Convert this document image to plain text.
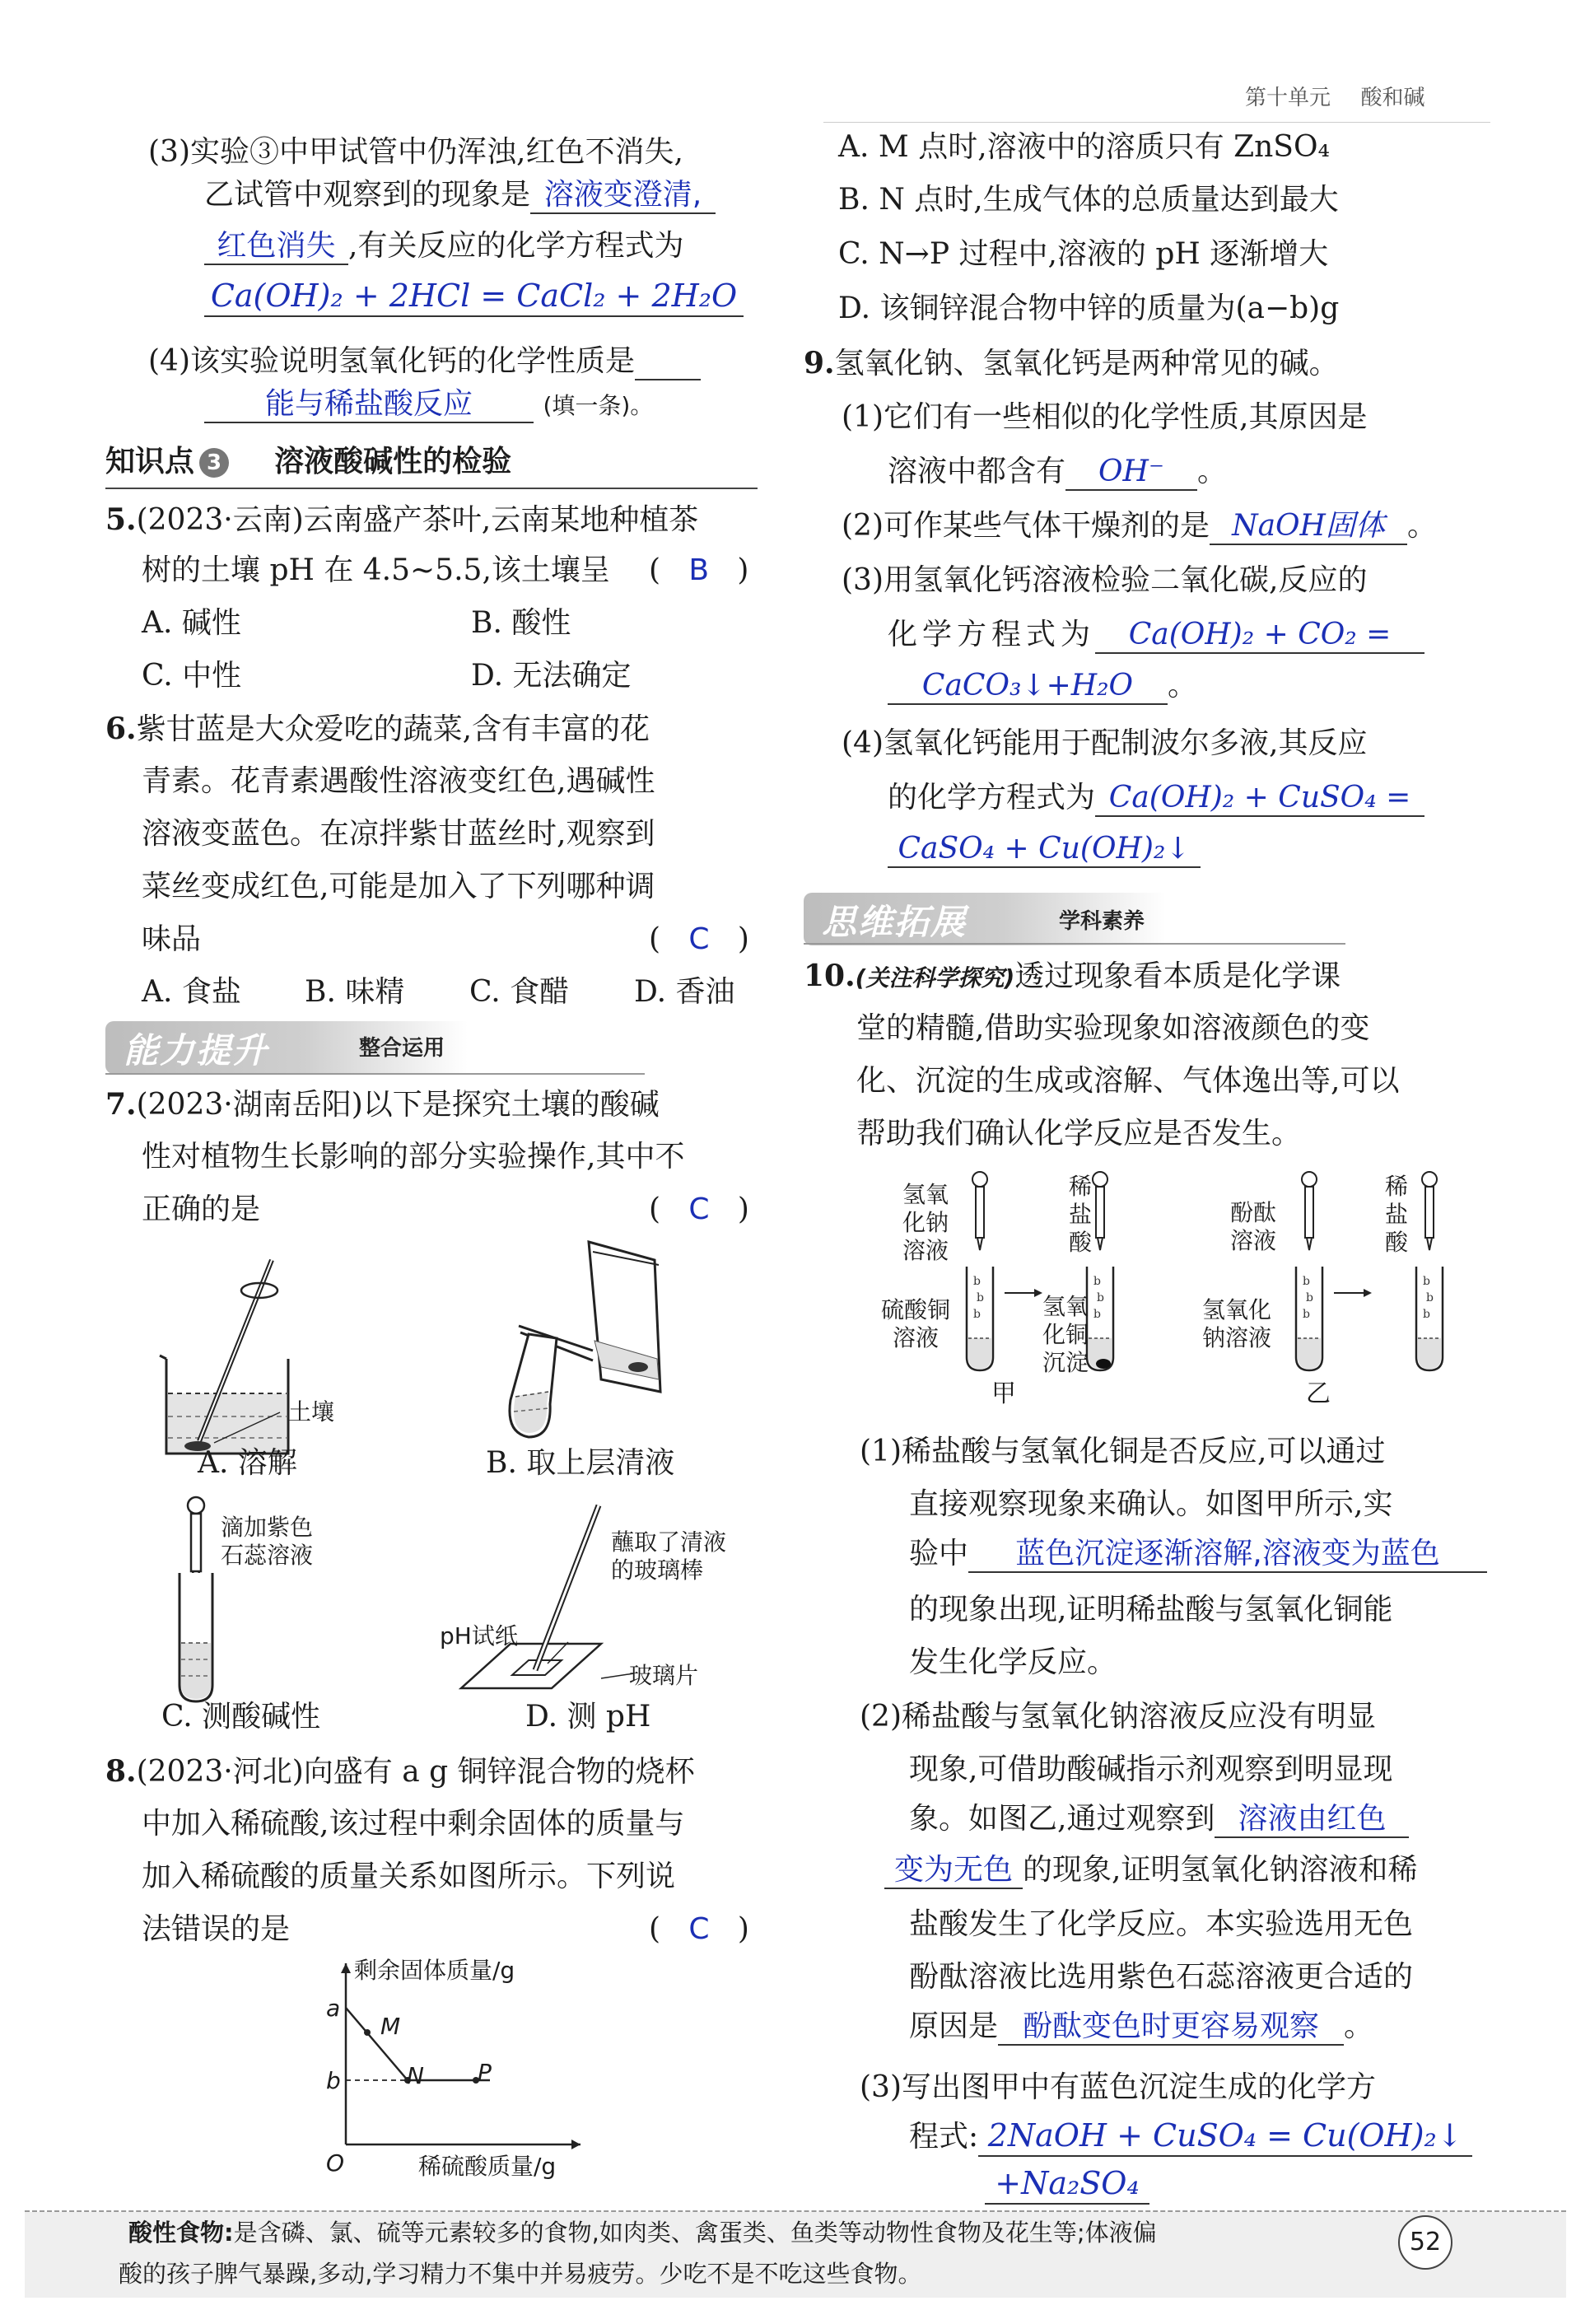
第十单元 酸和碱
(3)实验③中甲试管中仍浑浊,红色不消失,
乙试管中观察到的现象是 溶液变澄清,
红色消失 ,有关反应的化学方程式为
Ca(OH)₂ + 2HCl = CaCl₂ + 2H₂O
(4)该实验说明氢氧化钙的化学性质是
能与稀盐酸反应	(填一条)。
知识点 3 溶液酸碱性的检验
5.(2023·云南)云南盛产茶叶,云南某地种植茶
树的土壤 pH 在 4.5~5.5,该土壤呈 (   B   )
A. 碱性	B. 酸性
C. 中性	D. 无法确定
6.紫甘蓝是大众爱吃的蔬菜,含有丰富的花
青素。花青素遇酸性溶液变红色,遇碱性
溶液变蓝色。在凉拌紫甘蓝丝时,观察到
菜丝变成红色,可能是加入了下列哪种调
味品	(   C   )
A. 食盐 B. 味精 C. 食醋 D. 香油
能力提升	整合运用
7.(2023·湖南岳阳)以下是探究土壤的酸碱
性对植物生长影响的部分实验操作,其中不
正确的是	(   C   )
土壤
A. 溶解	B. 取上层清液
滴加紫色
石蕊溶液
C. 测酸碱性
蘸取了清液
的玻璃棒
pH试纸
玻璃片
D. 测 pH
8.(2023·河北)向盛有 a g 铜锌混合物的烧杯
中加入稀硫酸,该过程中剩余固体的质量与
加入稀硫酸的质量关系如图所示。下列说
法错误的是	(   C   )
剩余固体质量/g
稀硫酸质量/g
a
b
M
N P
O
A. M 点时,溶液中的溶质只有 ZnSO₄
B. N 点时,生成气体的总质量达到最大
C. N→P 过程中,溶液的 pH 逐渐增大
D. 该铜锌混合物中锌的质量为(a−b)g
9.氢氧化钠、氢氧化钙是两种常见的碱。
(1)它们有一些相似的化学性质,其原因是
溶液中都含有 OH⁻ 。
(2)可作某些气体干燥剂的是 NaOH固体 。
(3)用氢氧化钙溶液检验二氧化碳,反应的
化学方程式为 Ca(OH)₂ + CO₂ =
CaCO₃↓+H₂O 。
(4)氢氧化钙能用于配制波尔多液,其反应
的化学方程式为 Ca(OH)₂ + CuSO₄ =
CaSO₄ + Cu(OH)₂↓
思维拓展	学科素养
10.(关注科学探究)透过现象看本质是化学课
堂的精髓,借助实验现象如溶液颜色的变
化、沉淀的生成或溶解、气体逸出等,可以
帮助我们确认化学反应是否发生。
b
b
b
b
b
b
氢氧
化钠
溶液
稀
盐
酸
硫酸铜
溶液
氢氧
化铜
沉淀
甲
b
b
b
b
b
b
酚酞
溶液
稀
盐
酸
氢氧化
钠溶液
乙
(1)稀盐酸与氢氧化铜是否反应,可以通过
直接观察现象来确认。如图甲所示,实
验中 蓝色沉淀逐渐溶解,溶液变为蓝色
的现象出现,证明稀盐酸与氢氧化铜能
发生化学反应。
(2)稀盐酸与氢氧化钠溶液反应没有明显
现象,可借助酸碱指示剂观察到明显现
象。如图乙,通过观察到 溶液由红色
变为无色 的现象,证明氢氧化钠溶液和稀
盐酸发生了化学反应。本实验选用无色
酚酞溶液比选用紫色石蕊溶液更合适的
原因是 酚酞变色时更容易观察 。
(3)写出图甲中有蓝色沉淀生成的化学方
程式: 2NaOH + CuSO₄ = Cu(OH)₂↓
+Na₂SO₄
酸性食物:是含磷、氯、硫等元素较多的食物,如肉类、禽蛋类、鱼类等动物性食物及花生等;体液偏
酸的孩子脾气暴躁,多动,学习精力不集中并易疲劳。少吃不是不吃这些食物。
52
